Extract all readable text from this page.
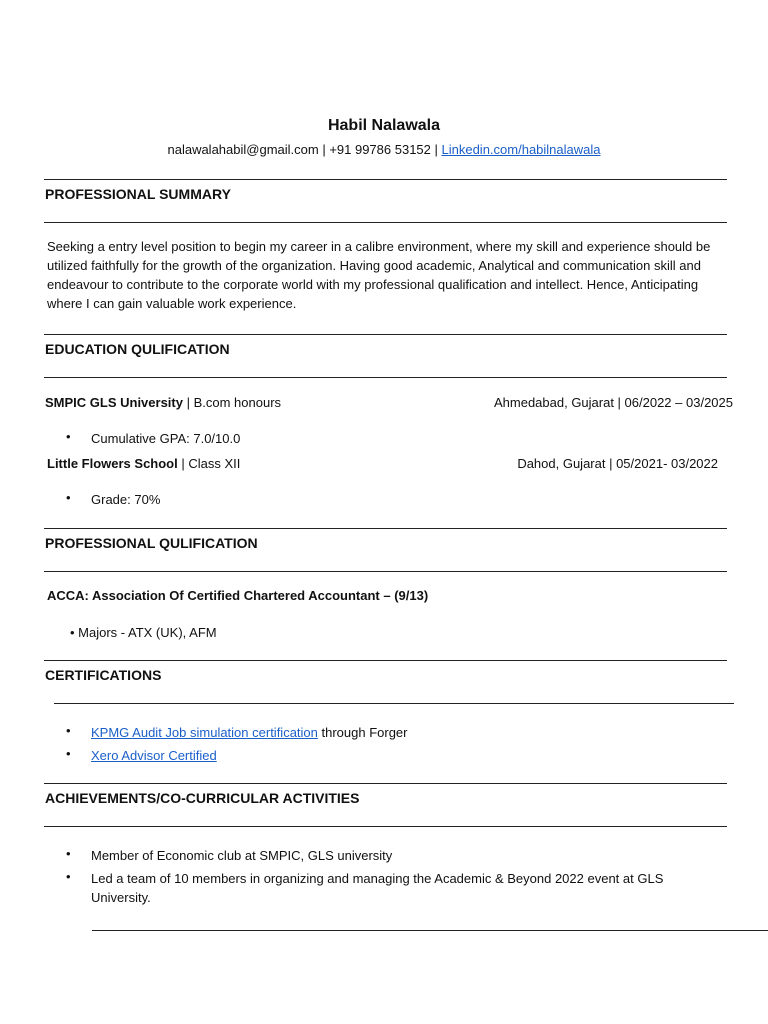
Habil Nalawala
nalawalahabil@gmail.com | +91 99786 53152 | Linkedin.com/habilnalawala
PROFESSIONAL SUMMARY
Seeking a entry level position to begin my career in a calibre environment, where my skill and experience should be utilized faithfully for the growth of the organization. Having good academic, Analytical and communication skill and endeavour to contribute to the corporate world with my professional qualification and intellect. Hence, Anticipating where I can gain valuable work experience.
EDUCATION QULIFICATION
SMPIC GLS University | B.com honours	Ahmedabad, Gujarat | 06/2022 – 03/2025
• Cumulative GPA: 7.0/10.0
Little Flowers School | Class XII	Dahod, Gujarat | 05/2021- 03/2022
• Grade: 70%
PROFESSIONAL QULIFICATION
ACCA: Association Of Certified Chartered Accountant – (9/13)
• Majors - ATX (UK), AFM
CERTIFICATIONS
• KPMG Audit Job simulation certification through Forger
• Xero Advisor Certified
ACHIEVEMENTS/CO-CURRICULAR ACTIVITIES
• Member of Economic club at SMPIC, GLS university
• Led a team of 10 members in organizing and managing the Academic & Beyond 2022 event at GLS University.
